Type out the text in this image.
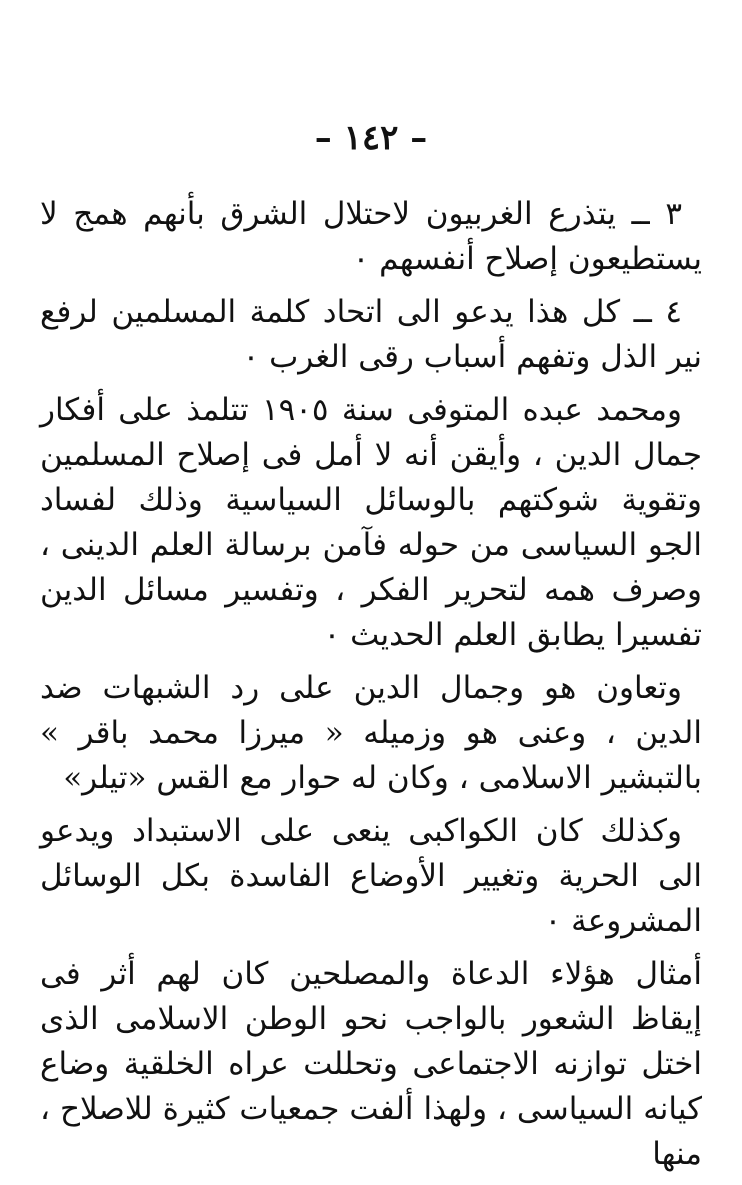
– ١٤٢ –

٣ ــ يتذرع الغربيون لاحتلال الشرق بأنهم همج لا يستطيعون إصلاح أنفسهم ٠

٤ ــ كل هذا يدعو الى اتحاد كلمة المسلمين لرفع نير الذل وتفهم أسباب رقى الغرب ٠

ومحمد عبده المتوفى سنة ١٩٠٥ تتلمذ على أفكار جمال الدين ، وأيقن أنه لا أمل فى إصلاح المسلمين وتقوية شوكتهم بالوسائل السياسية وذلك لفساد الجو السياسى من حوله فآمن برسالة العلم الدينى ، وصرف همه لتحرير الفكر ، وتفسير مسائل الدين تفسيرا يطابق العلم الحديث ٠

وتعاون هو وجمال الدين على رد الشبهات ضد الدين ، وعنى هو وزميله « ميرزا محمد باقر » بالتبشير الاسلامى ، وكان له حوار مع القس «تيلر»

وكذلك كان الكواكبى ينعى على الاستبداد ويدعو الى الحرية وتغيير الأوضاع الفاسدة بكل الوسائل المشروعة ٠

أمثال هؤلاء الدعاة والمصلحين كان لهم أثر فى إيقاظ الشعور بالواجب نحو الوطن الاسلامى الذى اختل توازنه الاجتماعى وتحللت عراه الخلقية وضاع كيانه السياسى ، ولهذا ألفت جمعيات كثيرة للاصلاح ، منها
